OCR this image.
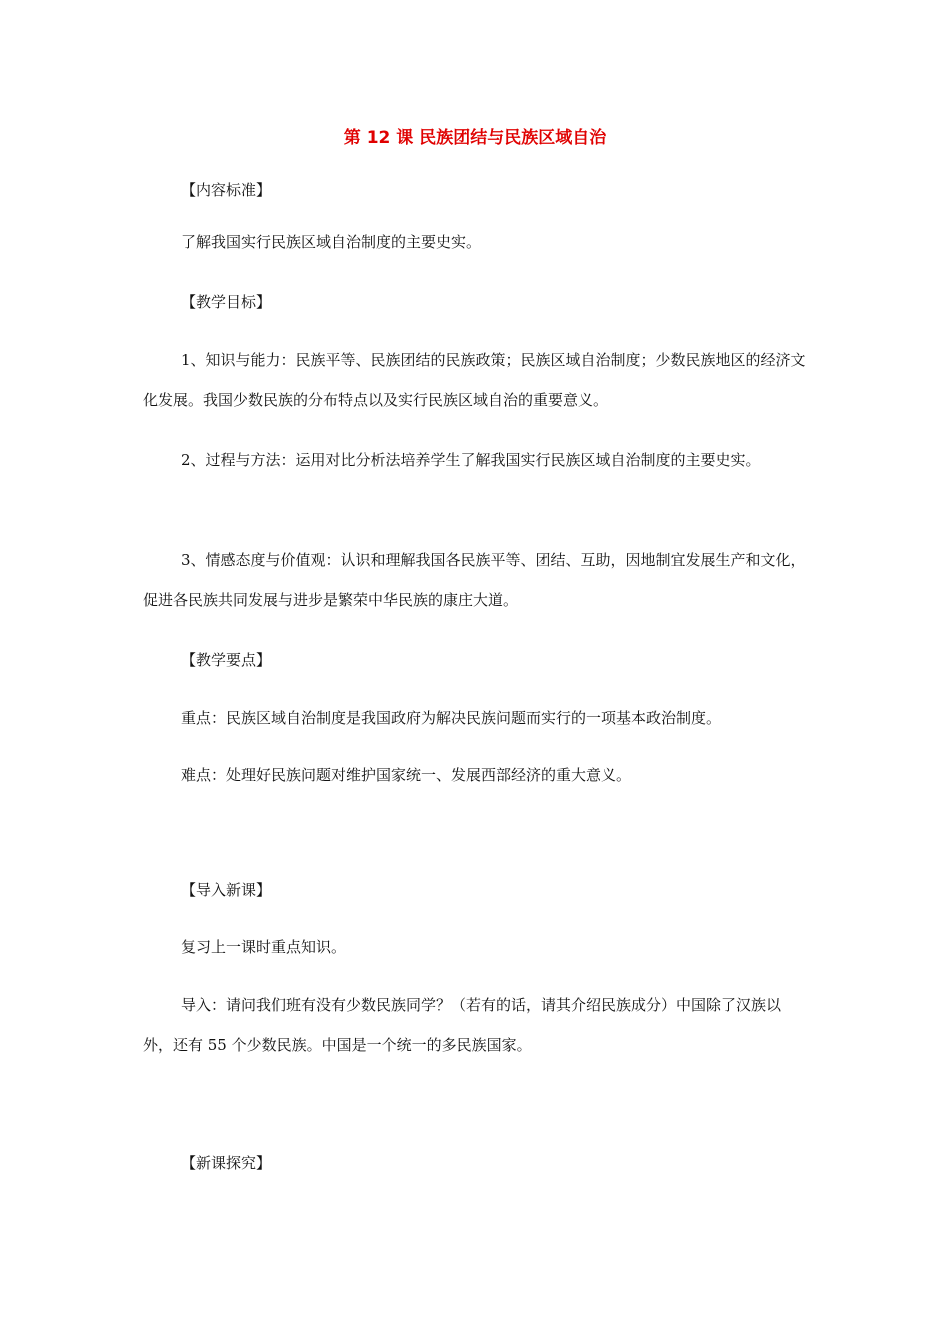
第 12 课 民族团结与民族区域自治
【内容标准】
了解我国实行民族区域自治制度的主要史实。
【教学目标】
1、知识与能力：民族平等、民族团结的民族政策；民族区域自治制度；少数民族地区的经济文化发展。我国少数民族的分布特点以及实行民族区域自治的重要意义。
2、过程与方法：运用对比分析法培养学生了解我国实行民族区域自治制度的主要史实。
3、情感态度与价值观：认识和理解我国各民族平等、团结、互助，因地制宜发展生产和文化，促进各民族共同发展与进步是繁荣中华民族的康庄大道。
【教学要点】
重点：民族区域自治制度是我国政府为解决民族问题而实行的一项基本政治制度。
难点：处理好民族问题对维护国家统一、发展西部经济的重大意义。
【导入新课】
复习上一课时重点知识。
导入：请问我们班有没有少数民族同学？（若有的话，请其介绍民族成分）中国除了汉族以外，还有 55 个少数民族。中国是一个统一的多民族国家。
【新课探究】
